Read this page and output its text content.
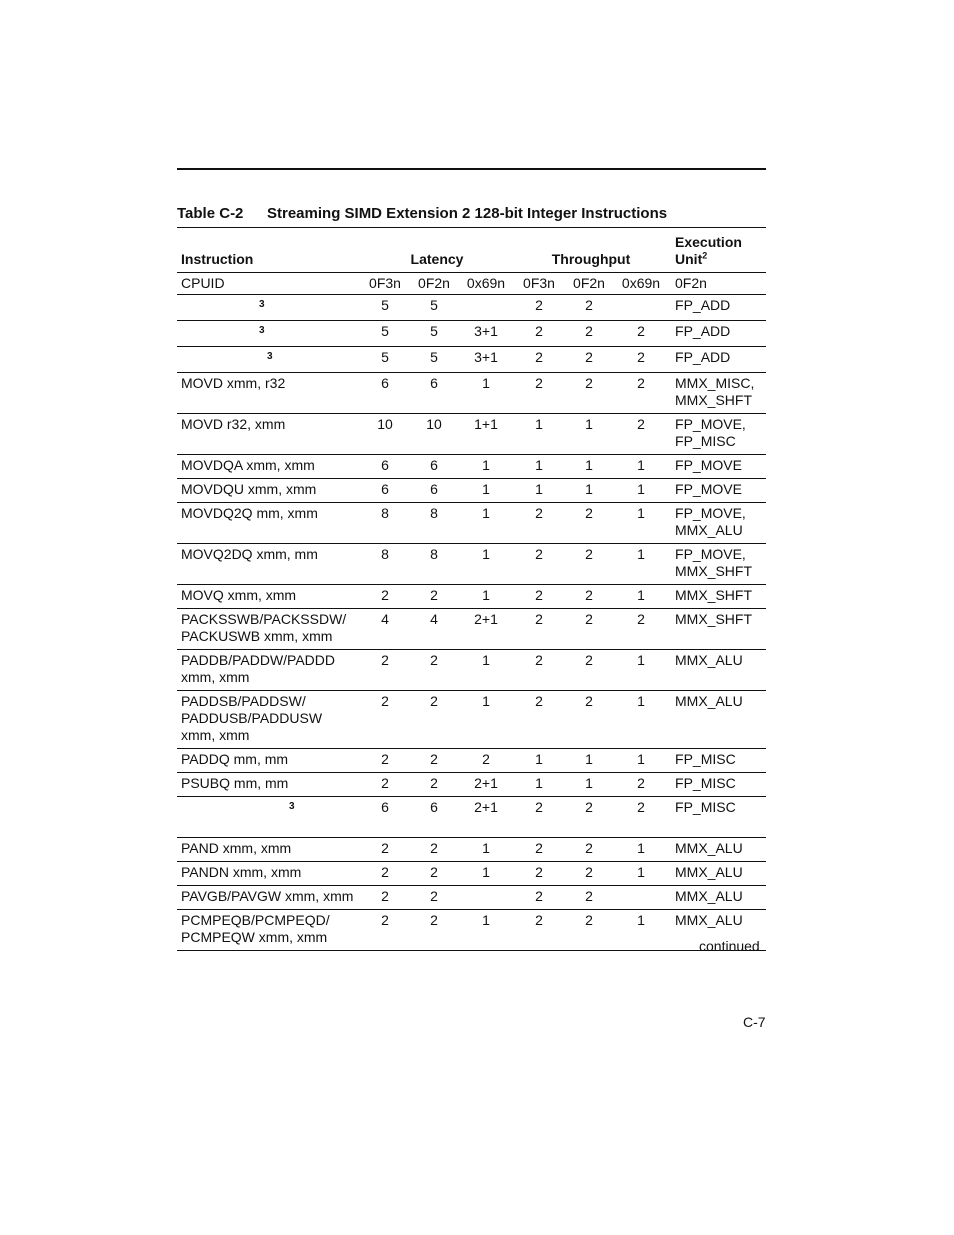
Table C-2 Streaming SIMD Extension 2 128-bit Integer Instructions
Instruction	Latency			Throughput			Execution Unit$^2$
CPUID	0F3n	0F2n	0x69n	0F3n	0F2n	0x69n	0F2n
3	5	5		2	2		FP_ADD
3	5	5	3+1	2	2	2	FP_ADD
3	5	5	3+1	2	2	2	FP_ADD
MOVD xmm, r32	6	6	1	2	2	2	MMX_MISC,
MMX_SHFT
MOVD r32, xmm	10	10	1+1	1	1	2	FP_MOVE,
FP_MISC
MOVDQA xmm, xmm	6	6	1	1	1	1	FP_MOVE
MOVDQU xmm, xmm	6	6	1	1	1	1	FP_MOVE
MOVDQ2Q mm, xmm	8	8	1	2	2	1	FP_MOVE,
MMX_ALU
MOVQ2DQ xmm, mm	8	8	1	2	2	1	FP_MOVE,
MMX_SHFT
MOVQ xmm, xmm	2	2	1	2	2	1	MMX_SHFT
PACKSSWB/PACKSSDW/
PACKUSWB xmm, xmm	4	4	2+1	2	2	2	MMX_SHFT
PADDB/PADDW/PADDD
xmm, xmm	2	2	1	2	2	1	MMX_ALU
PADDSB/PADDSW/
PADDUSB/PADDUSW
xmm, xmm	2	2	1	2	2	1	MMX_ALU
PADDQ mm, mm	2	2	2	1	1	1	FP_MISC
PSUBQ mm, mm	2	2	2+1	1	1	2	FP_MISC
3	6	6	2+1	2	2	2	FP_MISC
PAND xmm, xmm	2	2	1	2	2	1	MMX_ALU
PANDN xmm, xmm	2	2	1	2	2	1	MMX_ALU
PAVGB/PAVGW xmm, xmm	2	2		2	2		MMX_ALU
PCMPEQB/PCMPEQD/
PCMPEQW xmm, xmm	2	2	1	2	2	1	MMX_ALU
continued
C-7
